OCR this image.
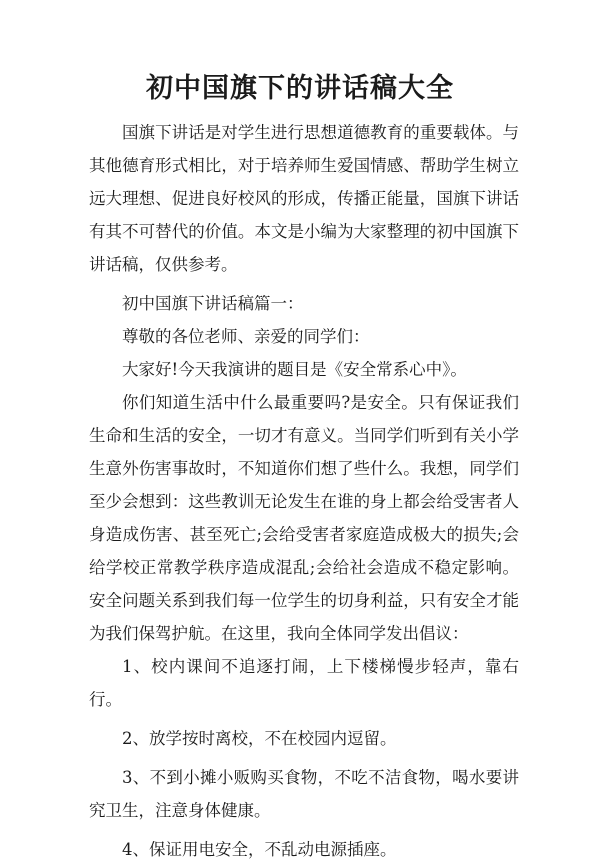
初中国旗下的讲话稿大全

国旗下讲话是对学生进行思想道德教育的重要载体。与其他德育形式相比，对于培养师生爱国情感、帮助学生树立远大理想、促进良好校风的形成，传播正能量，国旗下讲话有其不可替代的价值。本文是小编为大家整理的初中国旗下讲话稿，仅供参考。

初中国旗下讲话稿篇一：

尊敬的各位老师、亲爱的同学们：

大家好!今天我演讲的题目是《安全常系心中》。

你们知道生活中什么最重要吗?是安全。只有保证我们生命和生活的安全，一切才有意义。当同学们听到有关小学生意外伤害事故时，不知道你们想了些什么。我想，同学们至少会想到：这些教训无论发生在谁的身上都会给受害者人身造成伤害、甚至死亡;会给受害者家庭造成极大的损失;会给学校正常教学秩序造成混乱;会给社会造成不稳定影响。安全问题关系到我们每一位学生的切身利益，只有安全才能为我们保驾护航。在这里，我向全体同学发出倡议：

1、校内课间不追逐打闹，上下楼梯慢步轻声，靠右行。

2、放学按时离校，不在校园内逗留。

3、不到小摊小贩购买食物，不吃不洁食物，喝水要讲究卫生，注意身体健康。

4、保证用电安全，不乱动电源插座。
